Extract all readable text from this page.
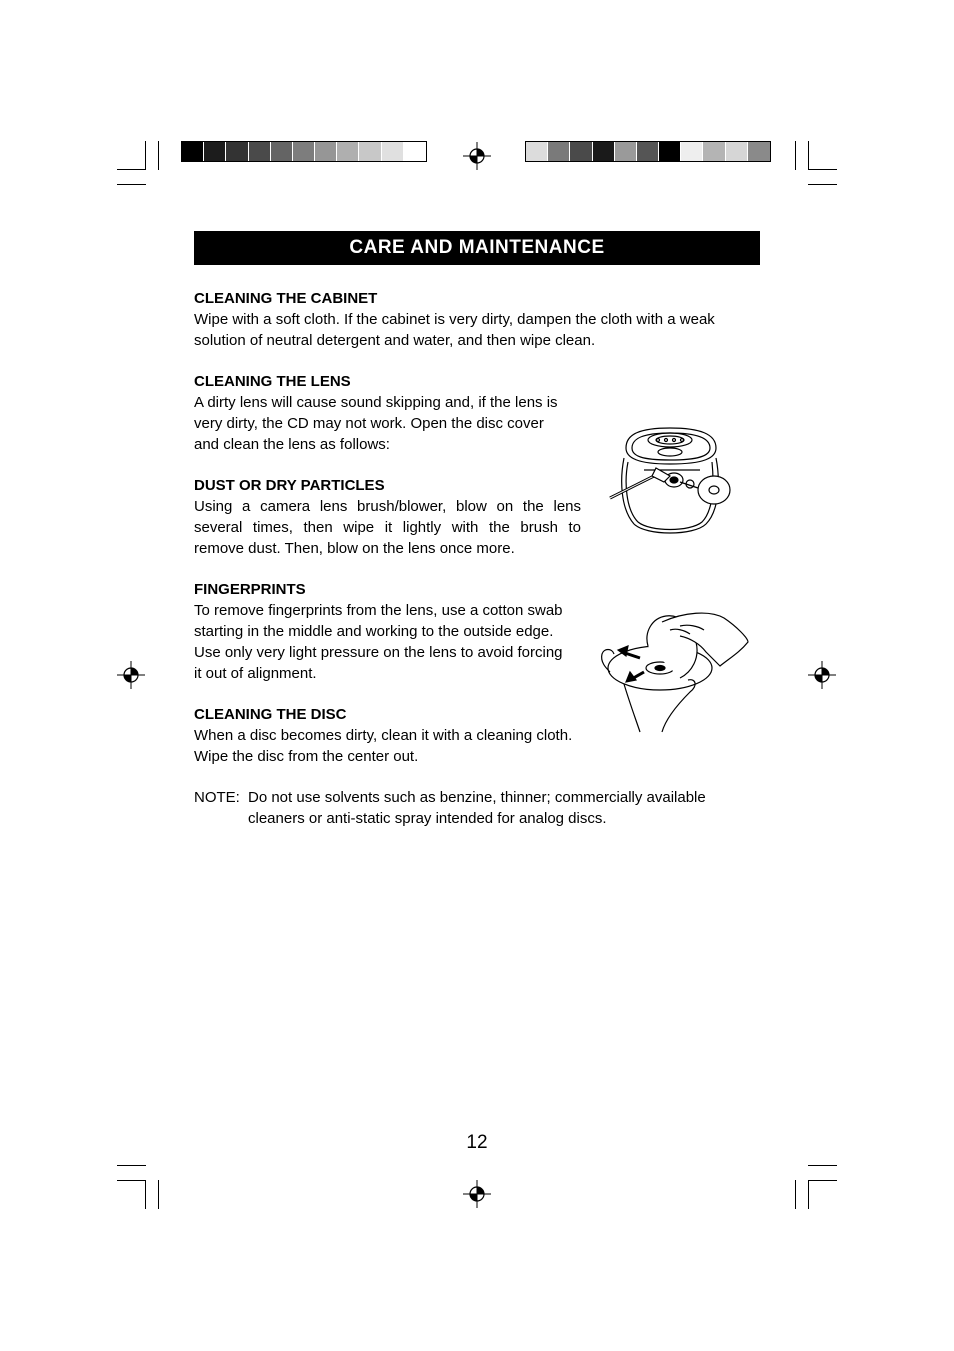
CARE AND MAINTENANCE
CLEANING THE CABINET
Wipe with a soft cloth. If the cabinet is very dirty, dampen the cloth with a weak
solution of neutral detergent and water, and then wipe clean.
CLEANING THE LENS
A dirty lens will cause sound skipping and, if the lens is
very dirty, the CD may not work. Open the disc cover
and clean the lens as follows:
DUST OR DRY PARTICLES
Using a camera lens brush/blower, blow on the lens
several times, then wipe it lightly with the brush to
remove dust. Then, blow on the lens once more.
FINGERPRINTS
To remove fingerprints from the lens, use a cotton swab
starting in the middle and working to the outside edge.
Use only very light pressure on the lens to avoid forcing
it out of alignment.
CLEANING THE DISC
When a disc becomes dirty, clean it with a cleaning cloth.
Wipe the disc from the center out.
NOTE: Do not use solvents such as benzine, thinner; commercially available
cleaners or anti-static spray intended for analog discs.
12
